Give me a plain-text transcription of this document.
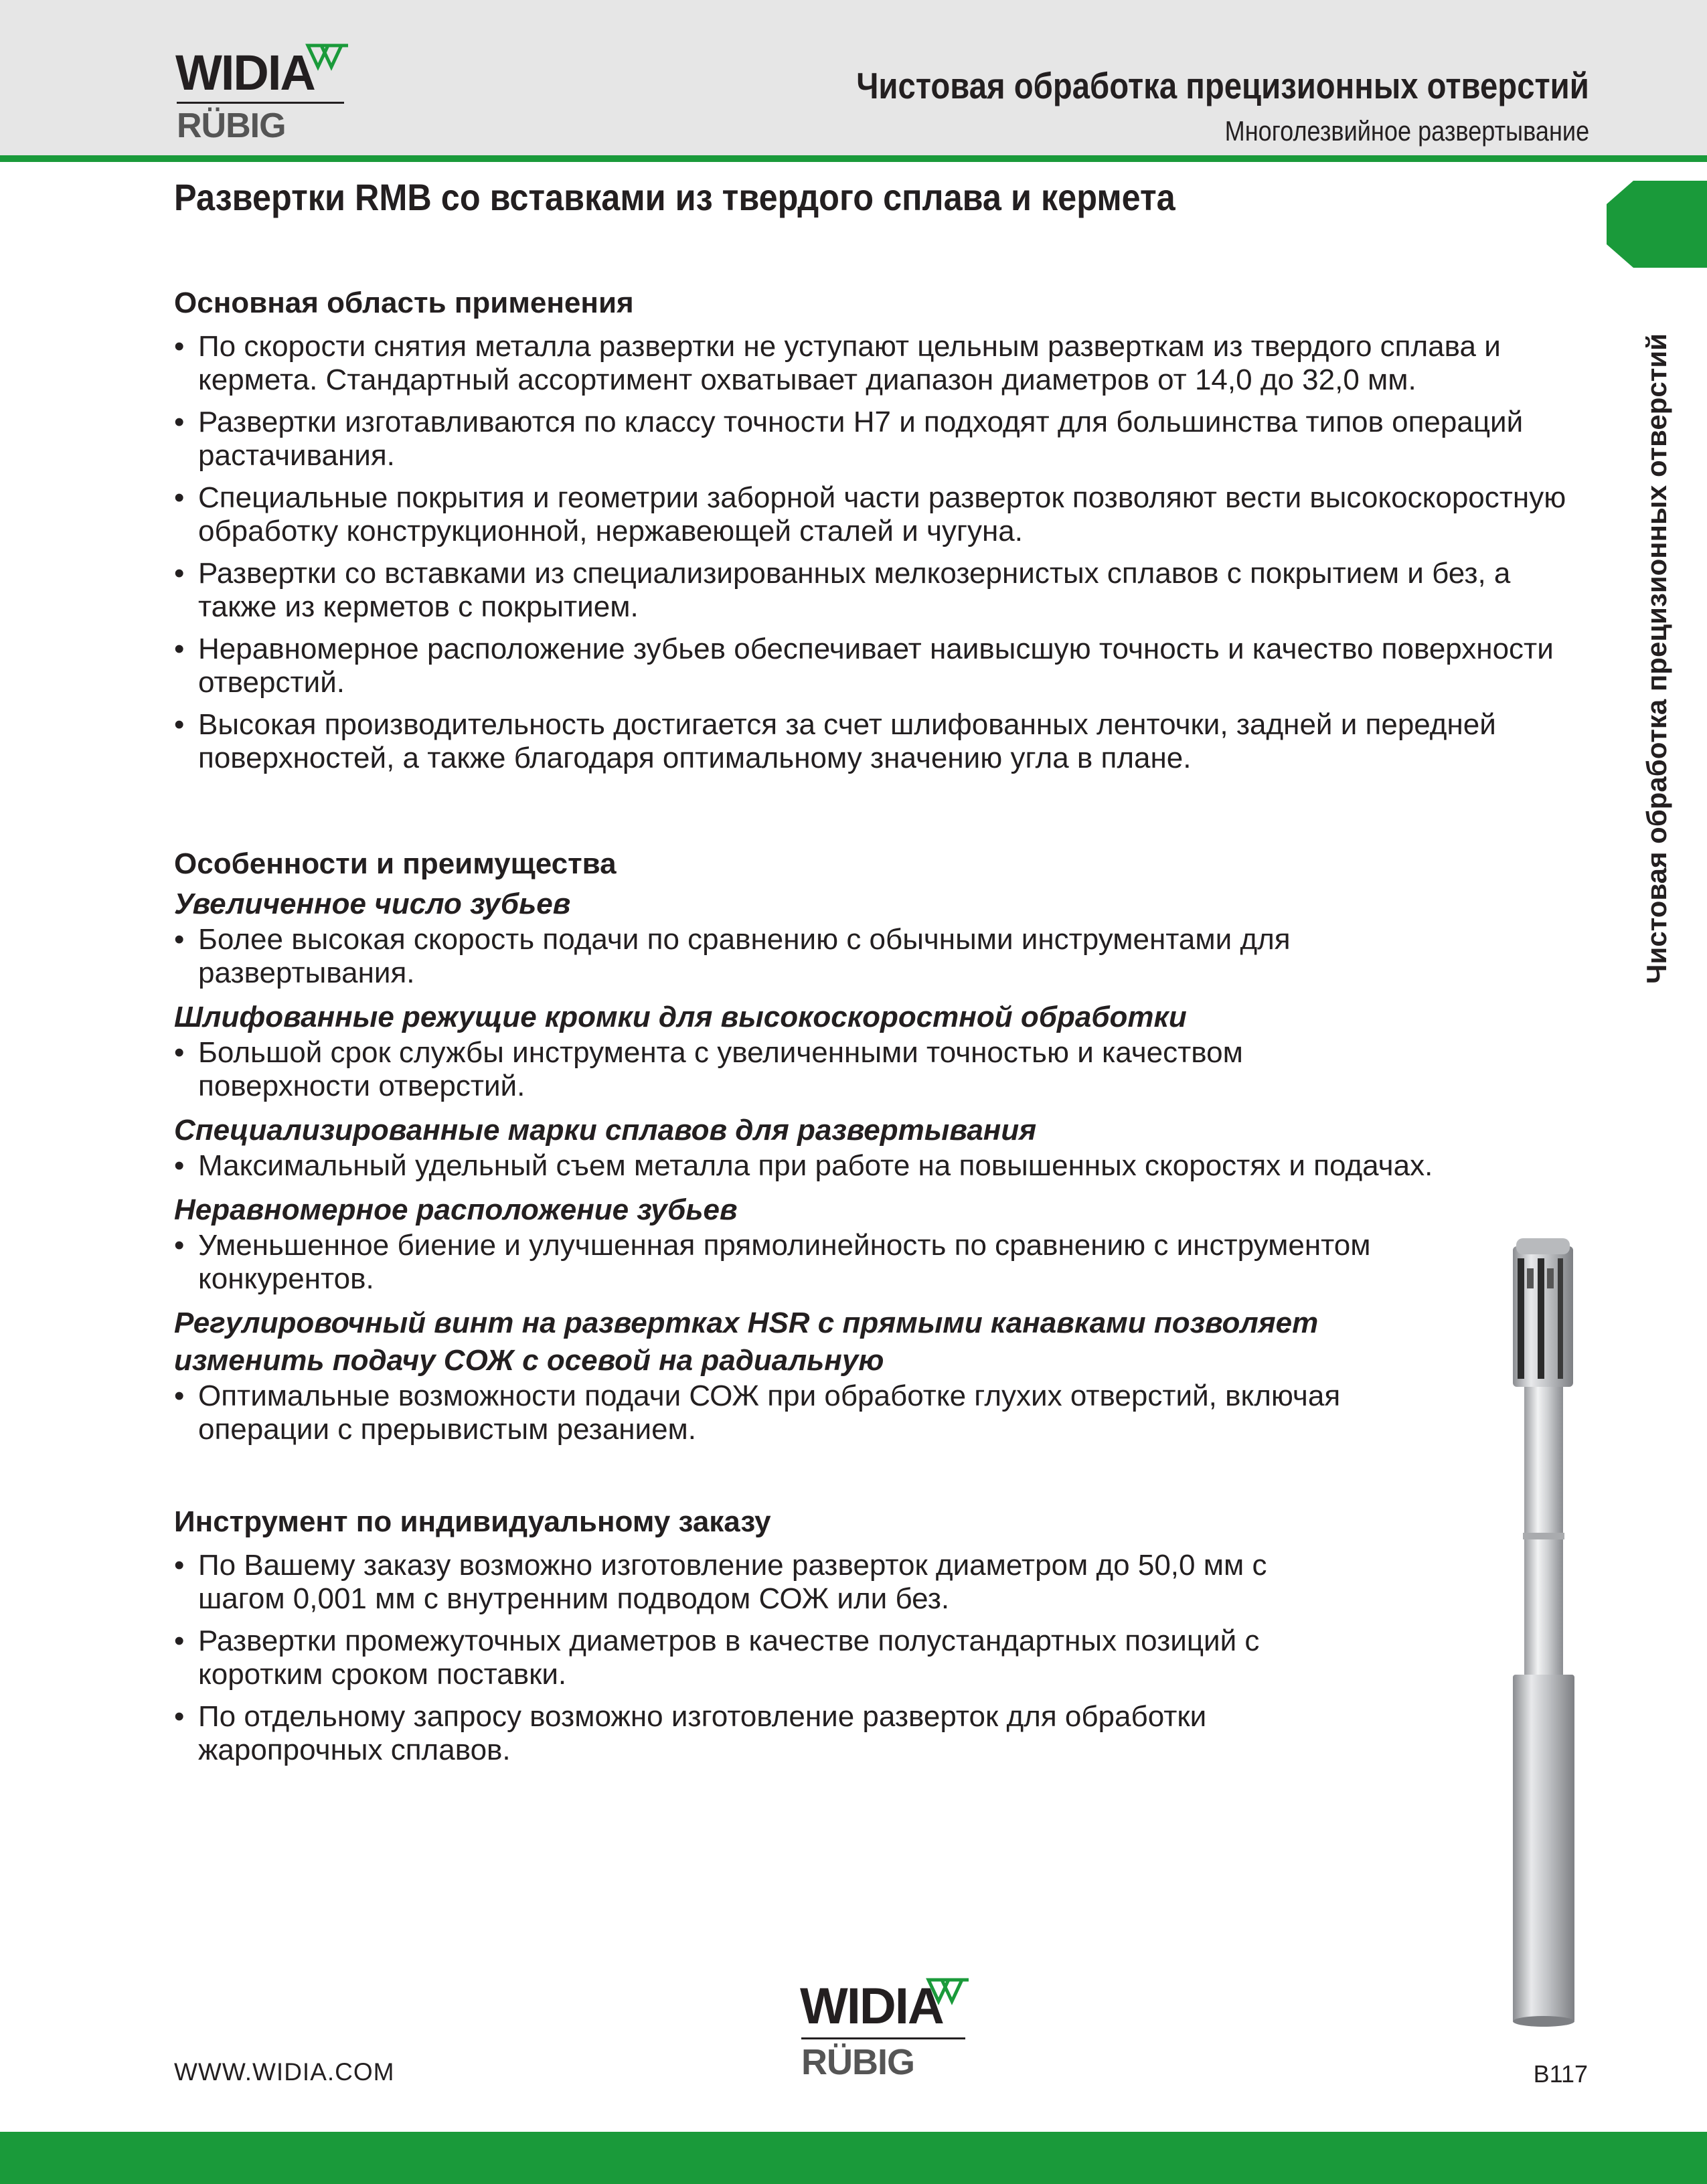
WIDIA
RÜBIG
Чистовая обработка прецизионных отверстий
Многолезвийное развертывание
Развертки RMB со вставками из твердого сплава и кермета
Чистовая обработка прецизионных отверстий
Основная область применения
• По скорости снятия металла развертки не уступают цельным разверткам из твердого сплава и кермета. Стандартный ассортимент охватывает диапазон диаметров от 14,0 до 32,0 мм.
• Развертки изготавливаются по классу точности H7 и подходят для большинства типов операций растачивания.
• Специальные покрытия и геометрии заборной части разверток позволяют вести высокоскоростную обработку конструкционной, нержавеющей сталей и чугуна.
• Развертки со вставками из специализированных мелкозернистых сплавов с покрытием и без, а также из керметов с покрытием.
• Неравномерное расположение зубьев обеспечивает наивысшую точность и качество поверхности отверстий.
• Высокая производительность достигается за счет шлифованных ленточки, задней и передней поверхностей, а также благодаря оптимальному значению угла в плане.
Особенности и преимущества
Увеличенное число зубьев
• Более высокая скорость подачи по сравнению с обычными инструментами для развертывания.
Шлифованные режущие кромки для высокоскоростной обработки
• Большой срок службы инструмента с увеличенными точностью и качеством поверхности отверстий.
Специализированные марки сплавов для развертывания
• Максимальный удельный съем металла при работе на повышенных скоростях и подачах.
Неравномерное расположение зубьев
• Уменьшенное биение и улучшенная прямолинейность по сравнению с инструментом конкурентов.
Регулировочный винт на развертках HSR с прямыми канавками позволяет изменить подачу СОЖ с осевой на радиальную
• Оптимальные возможности подачи СОЖ при обработке глухих отверстий, включая операции с прерывистым резанием.
Инструмент по индивидуальному заказу
• По Вашему заказу возможно изготовление разверток диаметром до 50,0 мм с шагом 0,001 мм с внутренним подводом СОЖ или без.
• Развертки промежуточных диаметров в качестве полустандартных позиций с коротким сроком поставки.
• По отдельному запросу возможно изготовление разверток для обработки жаропрочных сплавов.
WIDIA
RÜBIG
WWW.WIDIA.COM	B117
